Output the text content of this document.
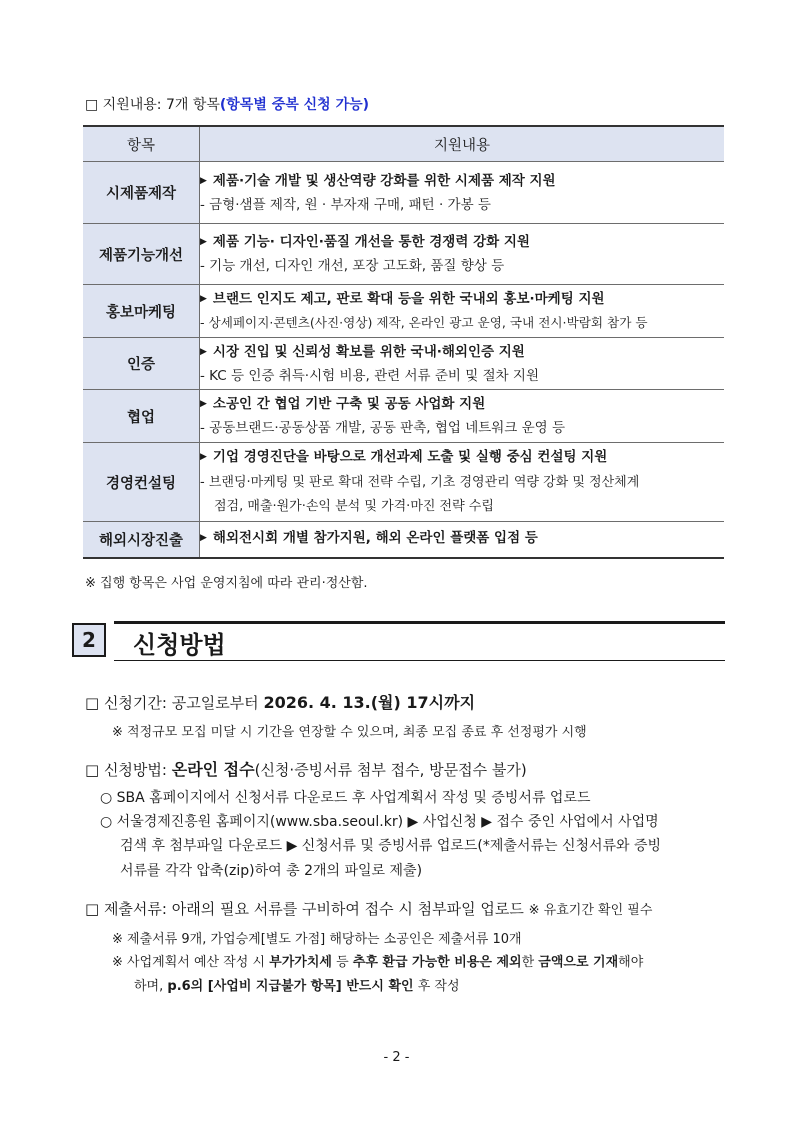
□ 지원내용: 7개 항목(항목별 중복 신청 가능)
항목	지원내용
시제품제작	▶ 제품·기술 개발 및 생산역량 강화를 위한 시제품 제작 지원
- 금형·샘플 제작, 원 · 부자재 구매, 패턴 · 가봉 등

제품기능개선	▶ 제품 기능· 디자인·품질 개선을 통한 경쟁력 강화 지원
- 기능 개선, 디자인 개선, 포장 고도화, 품질 향상 등

홍보마케팅	▶ 브랜드 인지도 제고, 판로 확대 등을 위한 국내외 홍보·마케팅 지원
- 상세페이지·콘텐츠(사진·영상) 제작, 온라인 광고 운영, 국내 전시·박람회 참가 등

인증	▶ 시장 진입 및 신뢰성 확보를 위한 국내·해외인증 지원
- KC 등 인증 취득·시험 비용, 관련 서류 준비 및 절차 지원

협업	▶ 소공인 간 협업 기반 구축 및 공동 사업화 지원
- 공동브랜드·공동상품 개발, 공동 판촉, 협업 네트워크 운영 등

경영컨설팅	▶ 기업 경영진단을 바탕으로 개선과제 도출 및 실행 중심 컨설팅 지원
- 브랜딩·마케팅 및 판로 확대 전략 수립, 기초 경영관리 역량 강화 및 정산체계
점검, 매출·원가·손익 분석 및 가격·마진 전략 수립

해외시장진출	▶ 해외전시회 개별 참가지원, 해외 온라인 플랫폼 입점 등
※ 집행 항목은 사업 운영지침에 따라 관리·정산함.
2	신청방법
□ 신청기간: 공고일로부터 2026. 4. 13.(월) 17시까지
※ 적정규모 모집 미달 시 기간을 연장할 수 있으며, 최종 모집 종료 후 선정평가 시행
□ 신청방법: 온라인 접수(신청·증빙서류 첨부 접수, 방문접수 불가)
○ SBA 홈페이지에서 신청서류 다운로드 후 사업계획서 작성 및 증빙서류 업로드
○ 서울경제진흥원 홈페이지(www.sba.seoul.kr) ▶ 사업신청 ▶ 접수 중인 사업에서 사업명
검색 후 첨부파일 다운로드 ▶ 신청서류 및 증빙서류 업로드(*제출서류는 신청서류와 증빙
서류를 각각 압축(zip)하여 총 2개의 파일로 제출)
□ 제출서류: 아래의 필요 서류를 구비하여 접수 시 첨부파일 업로드 ※ 유효기간 확인 필수
※ 제출서류 9개, 가업승계[별도 가점] 해당하는 소공인은 제출서류 10개
※ 사업계획서 예산 작성 시 부가가치세 등 추후 환급 가능한 비용은 제외한 금액으로 기재해야
하며, p.6의 [사업비 지급불가 항목] 반드시 확인 후 작성
- 2 -
